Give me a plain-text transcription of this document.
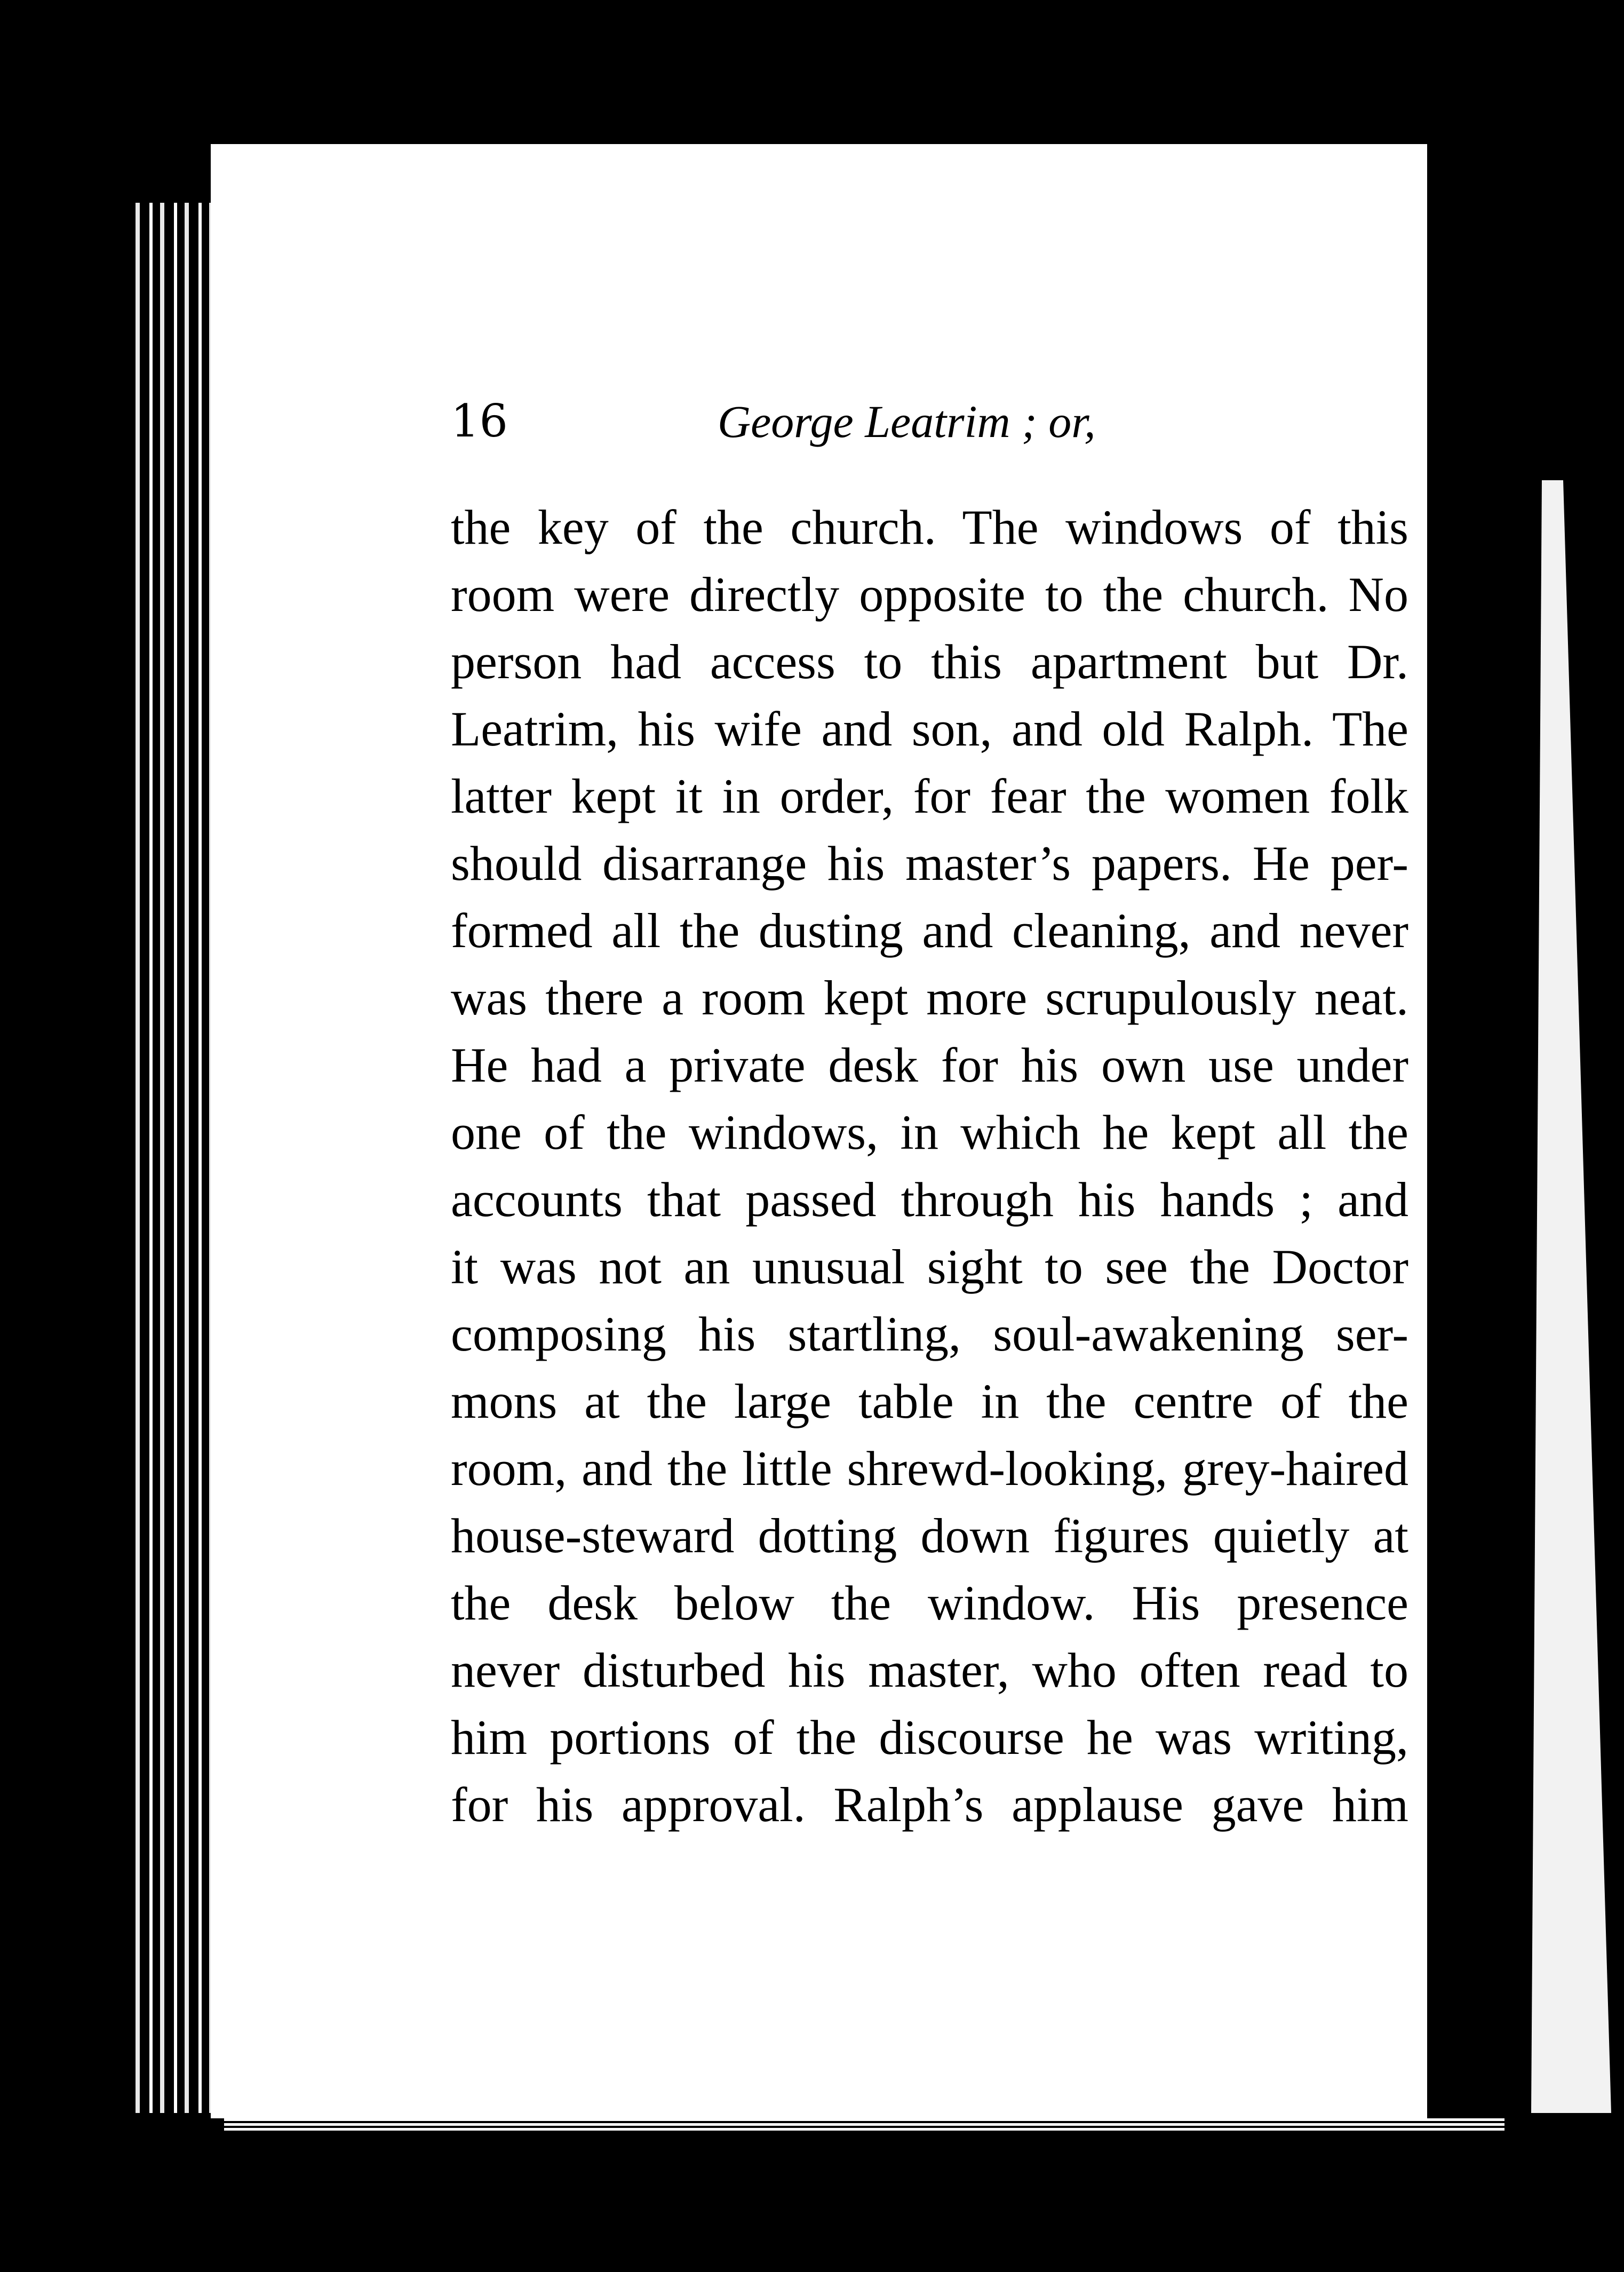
16	George Leatrim ; or,
the key of the church. The windows of this
room were directly opposite to the church. No
person had access to this apartment but Dr.
Leatrim, his wife and son, and old Ralph. The
latter kept it in order, for fear the women folk
should disarrange his master’s papers. He per-
formed all the dusting and cleaning, and never
was there a room kept more scrupulously neat.
He had a private desk for his own use under
one of the windows, in which he kept all the
accounts that passed through his hands ; and
it was not an unusual sight to see the Doctor
composing his startling, soul-awakening ser-
mons at the large table in the centre of the
room, and the little shrewd-looking, grey-haired
house-steward dotting down figures quietly at
the desk below the window. His presence
never disturbed his master, who often read to
him portions of the discourse he was writing,
for his approval. Ralph’s applause gave him
